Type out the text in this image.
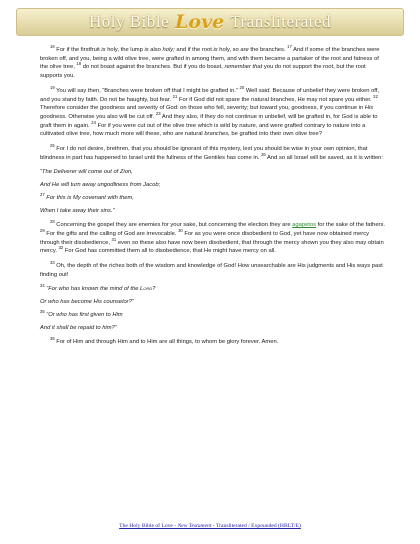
Holy Bible Love Transliterated

$^{16}$ For if the firstfruit is holy, the lump is also holy; and if the root is holy, so are the branches. $^{17}$ And if some of the branches were broken off, and you, being a wild olive tree, were grafted in among them, and with them became a partaker of the root and fatness of the olive tree, $^{18}$ do not boast against the branches. But if you do boast, remember that you do not support the root, but the root supports you.

$^{19}$ You will say then, “Branches were broken off that I might be grafted in.” $^{20}$ Well said. Because of unbelief they were broken off, and you stand by faith. Do not be haughty, but fear. $^{21}$ For if God did not spare the natural branches, He may not spare you either. $^{22}$ Therefore consider the goodness and severity of God: on those who fell, severity; but toward you, goodness, if you continue in His goodness. Otherwise you also will be cut off. $^{23}$ And they also, if they do not continue in unbelief, will be grafted in, for God is able to graft them in again. $^{24}$ For if you were cut out of the olive tree which is wild by nature, and were grafted contrary to nature into a cultivated olive tree, how much more will these, who are natural branches, be grafted into their own olive tree?

$^{25}$ For I do not desire, brethren, that you should be ignorant of this mystery, lest you should be wise in your own opinion, that blindness in part has happened to Israel until the fullness of the Gentiles has come in. $^{26}$ And so all Israel will be saved, as it is written:

“The Deliverer will come out of Zion,

And He will turn away ungodliness from Jacob;

$^{27}$ For this is My covenant with them,

When I take away their sins.”

$^{28}$ Concerning the gospel they are enemies for your sake, but concerning the election they are agapetos for the sake of the fathers. $^{29}$ For the gifts and the calling of God are irrevocable. $^{30}$ For as you were once disobedient to God, yet have now obtained mercy through their disobedience, $^{31}$ even so these also have now been disobedient, that through the mercy shown you they also may obtain mercy. $^{32}$ For God has committed them all to disobedience, that He might have mercy on all.

$^{33}$ Oh, the depth of the riches both of the wisdom and knowledge of God! How unsearchable are His judgments and His ways past finding out!

$^{34}$ “For who has known the mind of the Lord?

Or who has become His counselor?”

$^{35}$ “Or who has first given to Him

And it shall be repaid to him?”

$^{36}$ For of Him and through Him and to Him are all things, to whom be glory forever. Amen.

The Holy Bible of Love - New Testament - Transliterated / Expounded (HBLT/E)
